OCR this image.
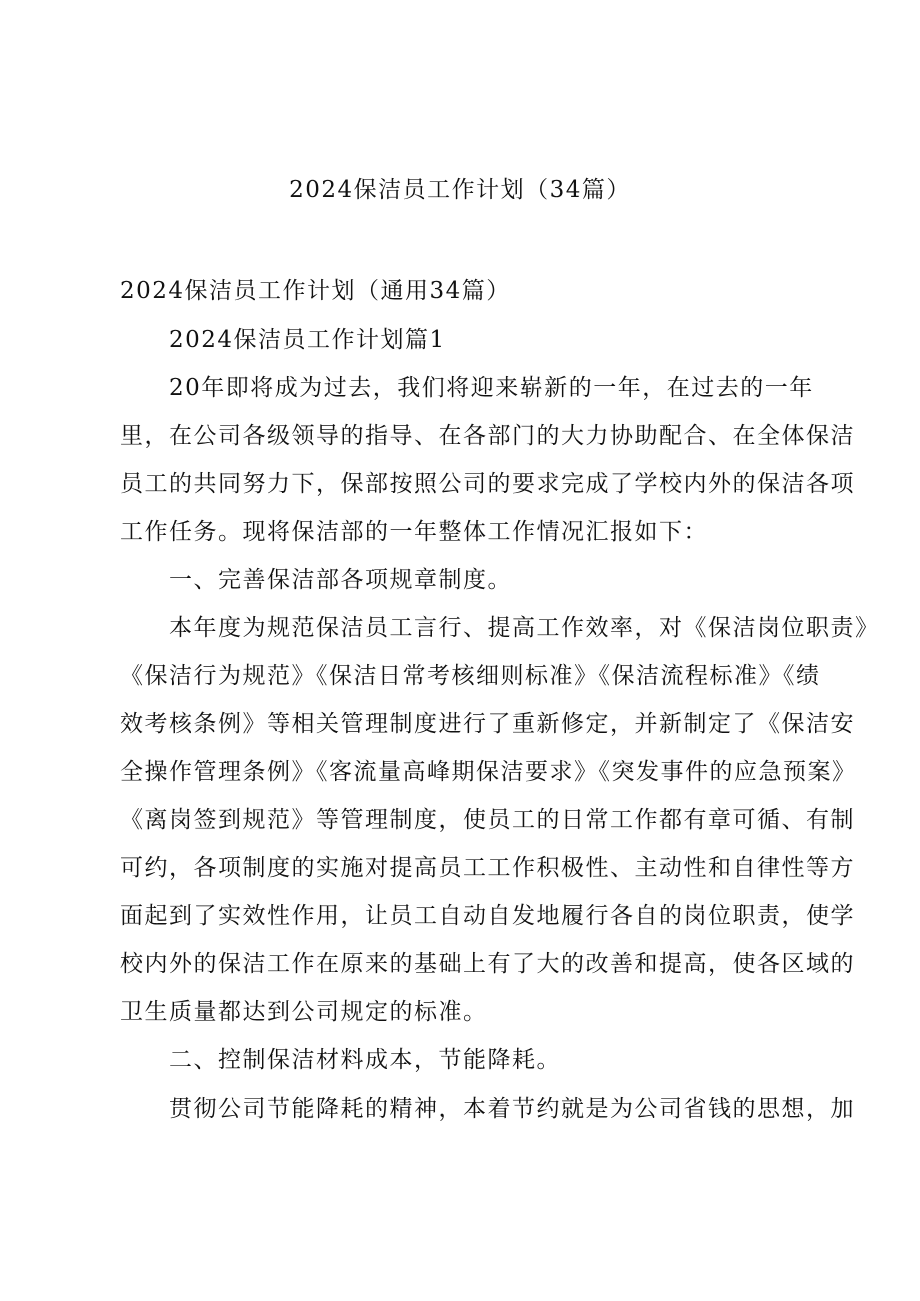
2024保洁员工作计划（34篇）
2024保洁员工作计划（通用34篇）
2024保洁员工作计划篇1
20年即将成为过去，我们将迎来崭新的一年，在过去的一年
里，在公司各级领导的指导、在各部门的大力协助配合、在全体保洁
员工的共同努力下，保部按照公司的要求完成了学校内外的保洁各项
工作任务。现将保洁部的一年整体工作情况汇报如下：
一、完善保洁部各项规章制度。
本年度为规范保洁员工言行、提高工作效率，对《保洁岗位职责》
《保洁行为规范》《保洁日常考核细则标准》《保洁流程标准》《绩
效考核条例》等相关管理制度进行了重新修定，并新制定了《保洁安
全操作管理条例》《客流量高峰期保洁要求》《突发事件的应急预案》
《离岗签到规范》等管理制度，使员工的日常工作都有章可循、有制
可约，各项制度的实施对提高员工工作积极性、主动性和自律性等方
面起到了实效性作用，让员工自动自发地履行各自的岗位职责，使学
校内外的保洁工作在原来的基础上有了大的改善和提高，使各区域的
卫生质量都达到公司规定的标准。
二、控制保洁材料成本，节能降耗。
贯彻公司节能降耗的精神，本着节约就是为公司省钱的思想，加
